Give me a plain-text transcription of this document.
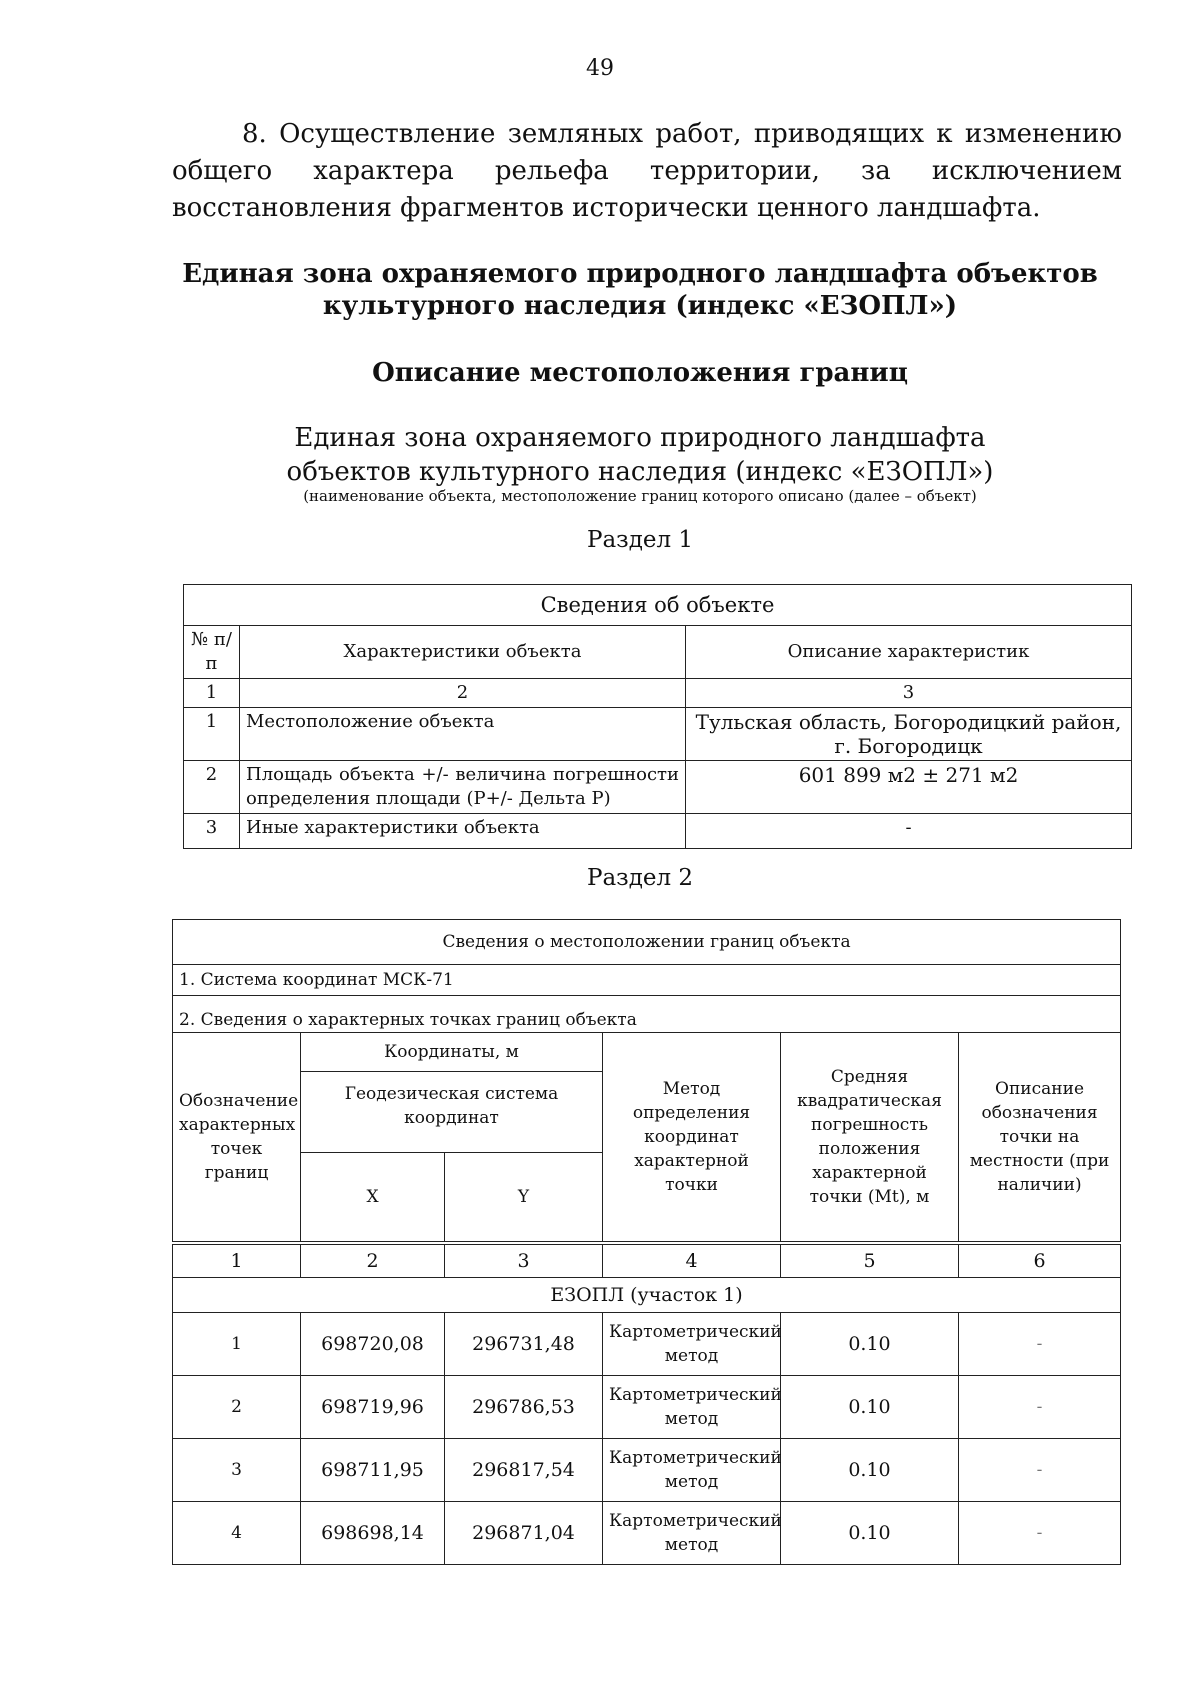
49
8. Осуществление земляных работ, приводящих к изменению общего характера рельефа территории, за исключением восстановления фрагментов исторически ценного ландшафта.
Единая зона охраняемого природного ландшафта объектов культурного наследия (индекс «ЕЗОПЛ»)
Описание местоположения границ
Единая зона охраняемого природного ландшафта
объектов культурного наследия (индекс «ЕЗОПЛ»)
(наименование объекта, местоположение границ которого описано (далее – объект)
Раздел 1
Сведения об объекте		
№ п/п	Характеристики объекта	Описание характеристик
1	2	3
1	Местоположение объекта	Тульская область, Богородицкий район, г. Богородицк
2	Площадь объекта +/- величина погрешности определения площади (Р+/- Дельта Р)	601 899 м2 ± 271 м2
3	Иные характеристики объекта	-
Раздел 2
Сведения о местоположении границ объекта					
1. Система координат МСК-71					
2. Сведения о характерных точках границ объекта					
Обозначение характерных точек границ	Координаты, м		Метод определения координат характерной точки	Средняя квадратическая погрешность положения характерной точки (Mt), м	Описание обозначения точки на местности (при наличии)
	Геодезическая система координат				
	X	Y			

1	2	3	4	5	6
ЕЗОПЛ (участок 1)					
1	698720,08	296731,48	Картометрический метод	0.10	-
2	698719,96	296786,53	Картометрический метод	0.10	-
3	698711,95	296817,54	Картометрический метод	0.10	-
4	698698,14	296871,04	Картометрический метод	0.10	-
